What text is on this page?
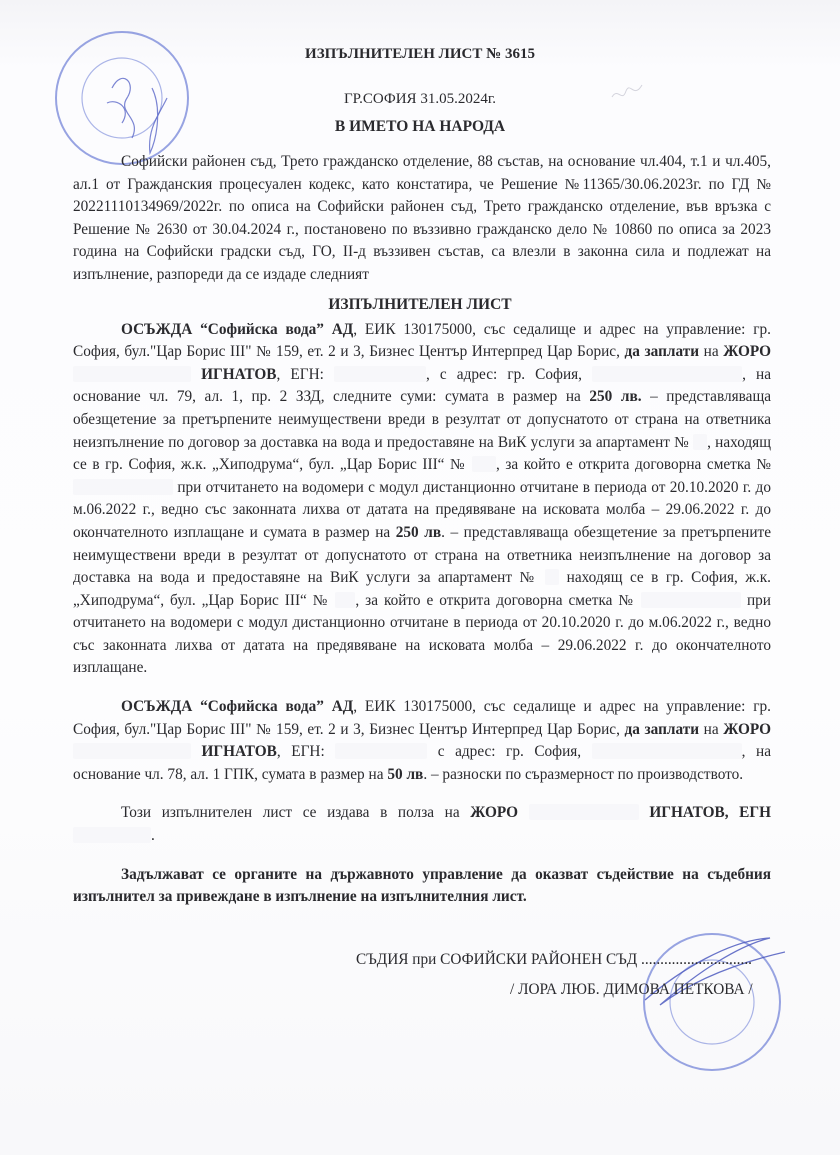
ИЗПЪЛНИТЕЛЕН ЛИСТ № 3615
ГР.СОФИЯ 31.05.2024г.
В ИМЕТО НА НАРОДА

Софийски районен съд, Трето гражданско отделение, 88 състав, на основание чл.404, т.1 и чл.405, ал.1 от Гражданския процесуален кодекс, като констатира, че Решение №11365/30.06.2023г. по ГД № 20221110134969/2022г. по описа на Софийски районен съд, Трето гражданско отделение, във връзка с Решение № 2630 от 30.04.2024 г., постановено по въззивно гражданско дело № 10860 по описа за 2023 година на Софийски градски съд, ГО, II-д въззивен състав, са влезли в законна сила и подлежат на изпълнение, разпореди да се издаде следният

ИЗПЪЛНИТЕЛЕН ЛИСТ

ОСЪЖДА “Софийска вода” АД, ЕИК 130175000, със седалище и адрес на управление: гр. София, бул."Цар Борис III" № 159, ет. 2 и 3, Бизнес Център Интерпред Цар Борис, да заплати на ЖОРО  ИГНАТОВ, ЕГН:	, с адрес: гр. София,	, на основание чл. 79, ал. 1, пр. 2 ЗЗД, следните суми: сумата в размер на 250 лв. – представляваща обезщетение за претърпените неимуществени вреди в резултат от допуснатото от страна на ответника неизпълнение по договор за доставка на вода и предоставяне на ВиК услуги за апартамент № , находящ се в гр. София, ж.к. „Хиподрума“, бул. „Цар Борис III“ № , за който е открита договорна сметка №  при отчитането на водомери с модул дистанционно отчитане в периода от 20.10.2020 г. до м.06.2022 г., ведно със законната лихва от датата на предявяване на исковата молба – 29.06.2022 г. до окончателното изплащане и сумата в размер на 250 лв. – представляваща обезщетение за претърпените неимуществени вреди в резултат от допуснатото от страна на ответника неизпълнение на договор за доставка на вода и предоставяне на ВиК услуги за апартамент №  находящ се в гр. София, ж.к. „Хиподрума“, бул. „Цар Борис III“ № , за който е открита договорна сметка №	при отчитането на водомери с модул дистанционно отчитане в периода от 20.10.2020 г. до м.06.2022 г., ведно със законната лихва от датата на предявяване на исковата молба – 29.06.2022 г. до окончателното изплащане.

ОСЪЖДА “Софийска вода” АД, ЕИК 130175000, със седалище и адрес на управление: гр. София, бул."Цар Борис III" № 159, ет. 2 и 3, Бизнес Център Интерпред Цар Борис, да заплати на ЖОРО  ИГНАТОВ, ЕГН:	с адрес: гр. София,	, на основание чл. 78, ал. 1 ГПК, сумата в размер на 50 лв. – разноски по съразмерност по производството.

Този изпълнителен лист се издава в полза на ЖОРО	ИГНАТОВ, ЕГН .

Задължават се органите на държавното управление да оказват съдействие на съдебния изпълнител за привеждане в изпълнение на изпълнителния лист.

СЪДИЯ при СОФИЙСКИ РАЙОНЕН СЪД .............................
/ ЛОРА ЛЮБ. ДИМОВА ПЕТКОВА /
